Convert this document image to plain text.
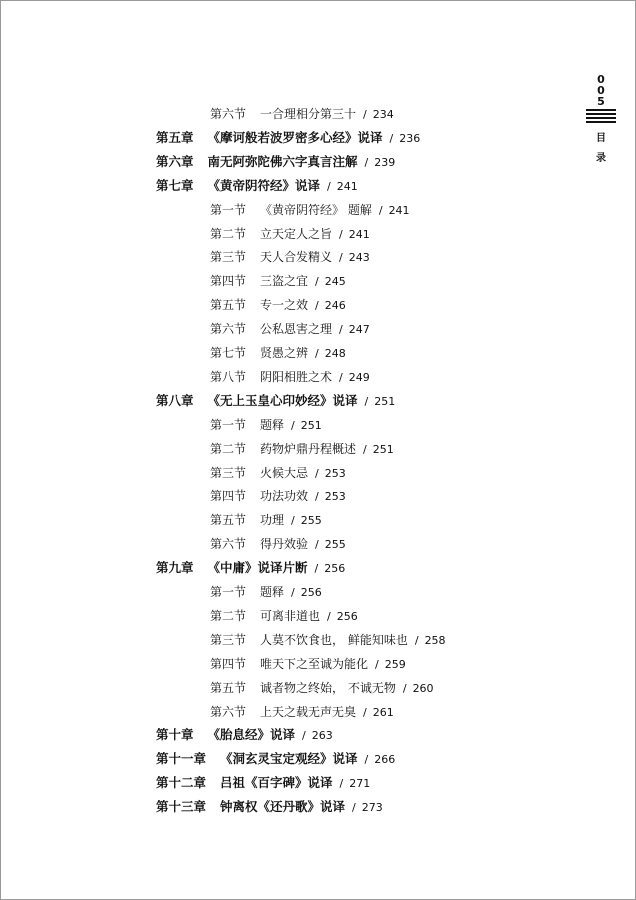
第六节 一合理相分第三十 / 234
第五章 《摩诃般若波罗密多心经》说译 / 236
第六章 南无阿弥陀佛六字真言注解 / 239
第七章 《黄帝阴符经》说译 / 241
第一节 《黄帝阴符经》 题解 / 241
第二节 立天定人之旨 / 241
第三节 天人合发精义 / 243
第四节 三盗之宜 / 245
第五节 专一之效 / 246
第六节 公私恩害之理 / 247
第七节 贤愚之辨 / 248
第八节 阴阳相胜之术 / 249
第八章 《无上玉皇心印妙经》说译 / 251
第一节 题释 / 251
第二节 药物炉鼎丹程概述 / 251
第三节 火候大忌 / 253
第四节 功法功效 / 253
第五节 功理 / 255
第六节 得丹效验 / 255
第九章 《中庸》说译片断 / 256
第一节 题释 / 256
第二节 可离非道也 / 256
第三节 人莫不饮食也， 鲜能知味也 / 258
第四节 唯天下之至诚为能化 / 259
第五节 诚者物之终始， 不诚无物 / 260
第六节 上天之载无声无臭 / 261
第十章 《胎息经》说译 / 263
第十一章 《洞玄灵宝定观经》说译 / 266
第十二章 吕祖《百字碑》说译 / 271
第十三章 钟离权《还丹歌》说译 / 273
0
0
5
目
录
